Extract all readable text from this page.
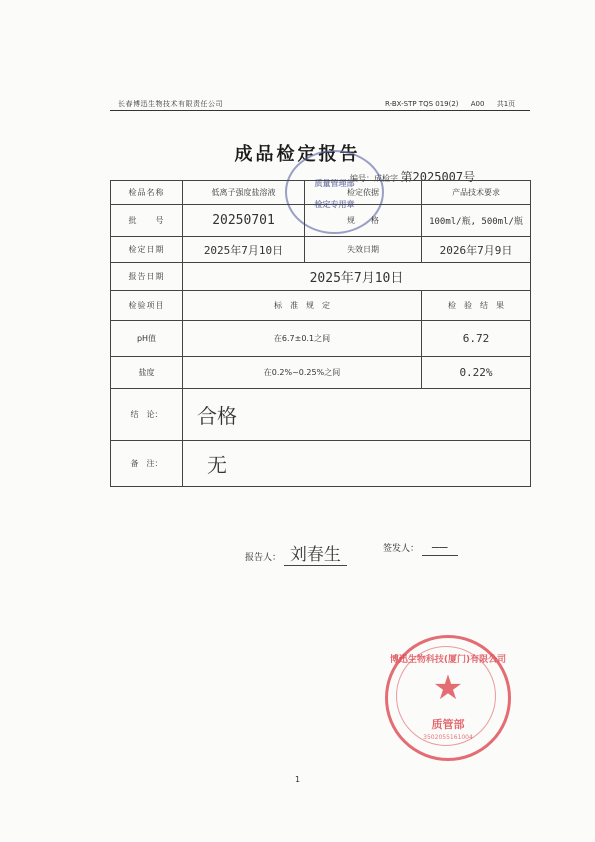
长春博迅生物技术有限责任公司	R-BX-STP TQS 019(2) A00 共1页
成品检定报告
编号：成检字 第2025007号
质量管理部
检定专用章
检品名称	低离子强度盐溶液	检定依据	产品技术要求
批　　号	20250701	规　　格	100ml/瓶, 500ml/瓶
检定日期	2025年7月10日	失效日期	2026年7月9日
报告日期	2025年7月10日		
检验项目	标　准　规　定		检　验　结　果
pH值	在6.7±0.1之间		6.72
盐度	在0.2%~0.25%之间		0.22%
结　论：	合格		
备　注：	无		
报告人： 刘春生	签发人： ——
博迅生物科技(厦门)有限公司
★
质管部
3502055161004
1
